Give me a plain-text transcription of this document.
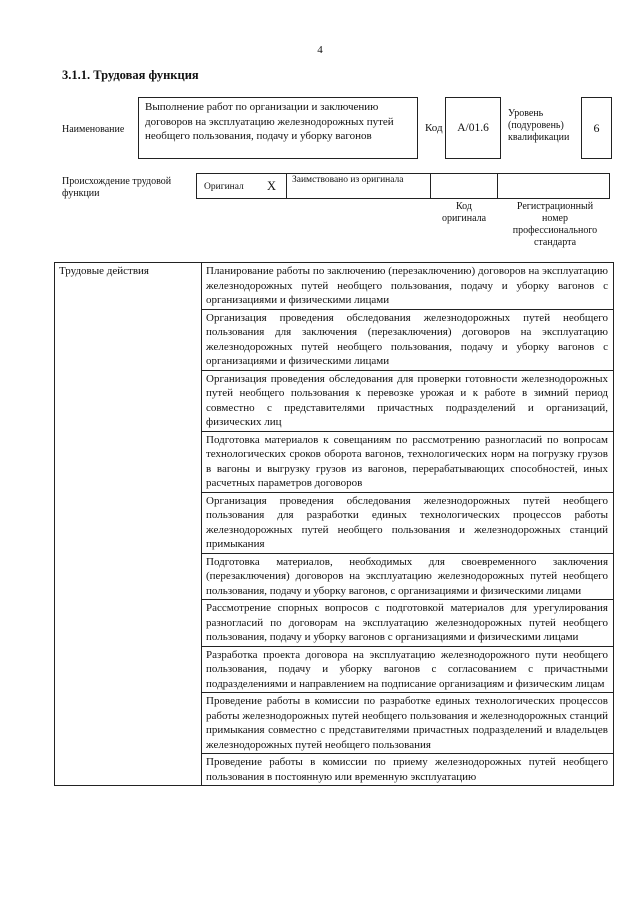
4
3.1.1. Трудовая функция
Наименование
Выполнение работ по организации и заключению договоров на эксплуатацию железнодорожных путей необщего пользования, подачу и уборку вагонов
Код	A/01.6
Уровень (подуровень) квалификации
6
Происхождение трудовой функции
Оригинал X Заимствовано из оригинала
Код оригинала
Регистрационный номер профессионального стандарта
Трудовые действия	Планирование работы по заключению (перезаключению) договоров на эксплуатацию железнодорожных путей необщего пользования, подачу и уборку вагонов с организациями и физическими лицами
Организация проведения обследования железнодорожных путей необщего пользования для заключения (перезаключения) договоров на эксплуатацию железнодорожных путей необщего пользования, подачу и уборку вагонов с организациями и физическими лицами
Организация проведения обследования для проверки готовности железнодорожных путей необщего пользования к перевозке урожая и к работе в зимний период совместно с представителями причастных подразделений и организаций, физических лиц
Подготовка материалов к совещаниям по рассмотрению разногласий по вопросам технологических сроков оборота вагонов, технологических норм на погрузку грузов в вагоны и выгрузку грузов из вагонов, перерабатывающих способностей, иных расчетных параметров договоров
Организация проведения обследования железнодорожных путей необщего пользования для разработки единых технологических процессов работы железнодорожных путей необщего пользования и железнодорожных станций примыкания
Подготовка материалов, необходимых для своевременного заключения (перезаключения) договоров на эксплуатацию железнодорожных путей необщего пользования, подачу и уборку вагонов, с организациями и физическими лицами
Рассмотрение спорных вопросов с подготовкой материалов для урегулирования разногласий по договорам на эксплуатацию железнодорожных путей необщего пользования, подачу и уборку вагонов с организациями и физическими лицами
Разработка проекта договора на эксплуатацию железнодорожного пути необщего пользования, подачу и уборку вагонов с согласованием с причастными подразделениями и направлением на подписание организациям и физическим лицам
Проведение работы в комиссии по разработке единых технологических процессов работы железнодорожных путей необщего пользования и железнодорожных станций примыкания совместно с представителями причастных подразделений и владельцев железнодорожных путей необщего пользования
Проведение работы в комиссии по приему железнодорожных путей необщего пользования в постоянную или временную эксплуатацию
